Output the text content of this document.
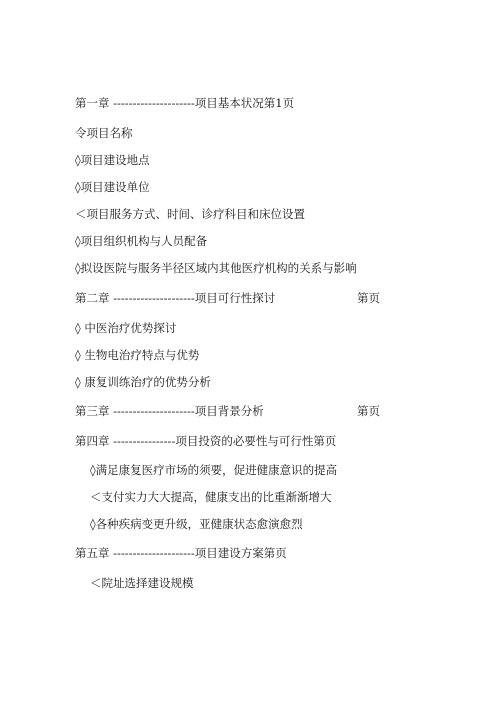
第一章 ---------------------项目基本状况第1页
令项目名称
◊项目建设地点
◊项目建设单位
＜项目服务方式、时间、诊疗科目和床位设置
◊项目组织机构与人员配备
◊拟设医院与服务半径区域内其他医疗机构的关系与影响
第二章 ---------------------项目可行性探讨	第页
◊ 中医治疗优势探讨
◊ 生物电治疗特点与优势
◊ 康复训练治疗的优势分析
第三章 ---------------------项目背景分析	第页
第四章 ----------------项目投资的必要性与可行性第页
◊满足康复医疗市场的须要，促进健康意识的提高
＜支付实力大大提高，健康支出的比重渐渐增大
◊各种疾病变更升级，亚健康状态愈演愈烈
第五章 ---------------------项目建设方案第页
＜院址选择建设规模
